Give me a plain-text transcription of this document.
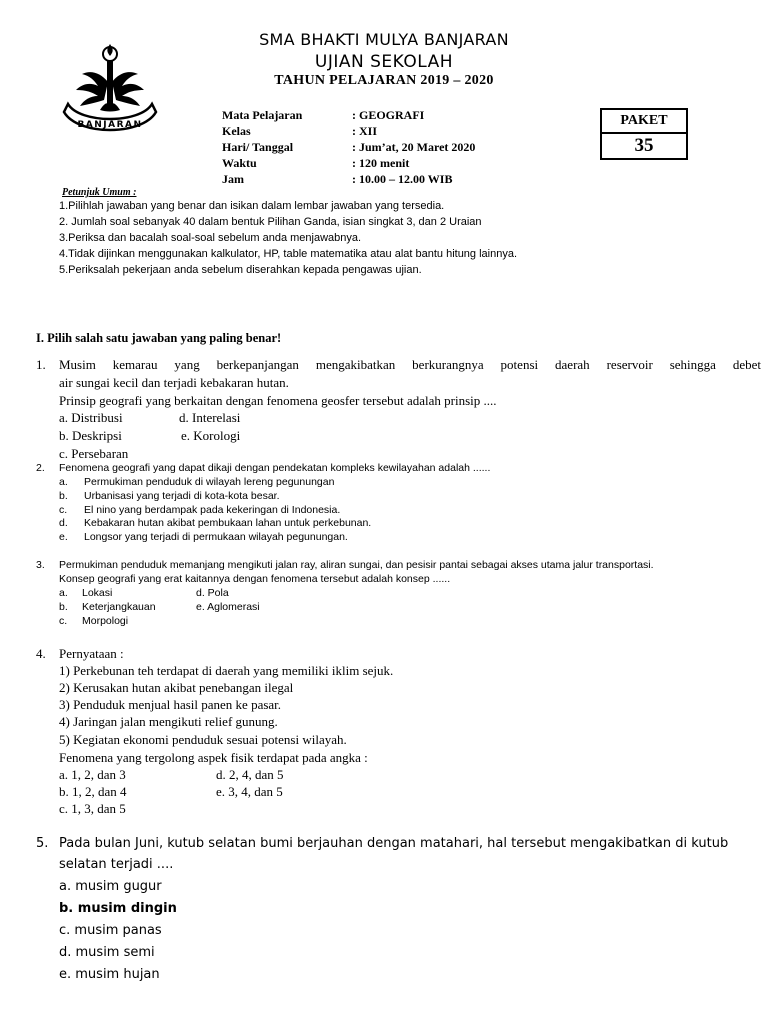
SMA BHAKTI MULYA BANJARAN
UJIAN SEKOLAH
TAHUN PELAJARAN 2019 – 2020
BANJARAN
Mata Pelajaran	: GEOGRAFI
Kelas	: XII
Hari/ Tanggal	: Jum’at, 20 Maret 2020
Waktu	: 120 menit
Jam	: 10.00 – 12.00 WIB
PAKET
35
Petunjuk Umum :
1.Pilihlah jawaban yang benar dan isikan dalam lembar jawaban yang tersedia.
2. Jumlah soal sebanyak 40 dalam bentuk Pilihan Ganda, isian singkat 3, dan 2 Uraian
3.Periksa dan bacalah soal-soal sebelum anda menjawabnya.
4.Tidak dijinkan menggunakan kalkulator, HP, table matematika atau alat bantu hitung lainnya.
5.Periksalah pekerjaan anda sebelum diserahkan kepada pengawas ujian.
I. Pilih salah satu jawaban yang paling benar!
1. Musim kemarau yang berkepanjangan mengakibatkan berkurangnya potensi daerah reservoir sehingga debet
air sungai kecil dan terjadi kebakaran hutan.
Prinsip geografi yang berkaitan dengan fenomena geosfer tersebut adalah prinsip ....
a. Distribusi	d. Interelasi
b. Deskripsi	e. Korologi
c. Persebaran
2. Fenomena geografi yang dapat dikaji dengan pendekatan kompleks kewilayahan adalah ......
a. Permukiman penduduk di wilayah lereng pegunungan
b. Urbanisasi yang terjadi di kota-kota besar.
c. El nino yang berdampak pada kekeringan di Indonesia.
d. Kebakaran hutan akibat pembukaan lahan untuk perkebunan.
e. Longsor yang terjadi di permukaan wilayah pegunungan.
3. Permukiman penduduk memanjang mengikuti jalan ray, aliran sungai, dan pesisir pantai sebagai akses utama jalur transportasi.
Konsep geografi yang erat kaitannya dengan fenomena tersebut adalah konsep ......
a. Lokasi	d. Pola
b. Keterjangkauan	e. Aglomerasi
c. Morpologi
4. Pernyataan :
1) Perkebunan teh terdapat di daerah yang memiliki iklim sejuk.
2) Kerusakan hutan akibat penebangan ilegal
3) Penduduk menjual hasil panen ke pasar.
4) Jaringan jalan mengikuti relief gunung.
5) Kegiatan ekonomi penduduk sesuai potensi wilayah.
Fenomena yang tergolong aspek fisik terdapat pada angka :
a. 1, 2, dan 3	d. 2, 4, dan 5
b. 1, 2, dan 4	e. 3, 4, dan 5
c. 1, 3, dan 5
5. Pada bulan Juni, kutub selatan bumi berjauhan dengan matahari, hal tersebut mengakibatkan di kutub
selatan terjadi ....
a. musim gugur
b. musim dingin
c. musim panas
d. musim semi
e. musim hujan
